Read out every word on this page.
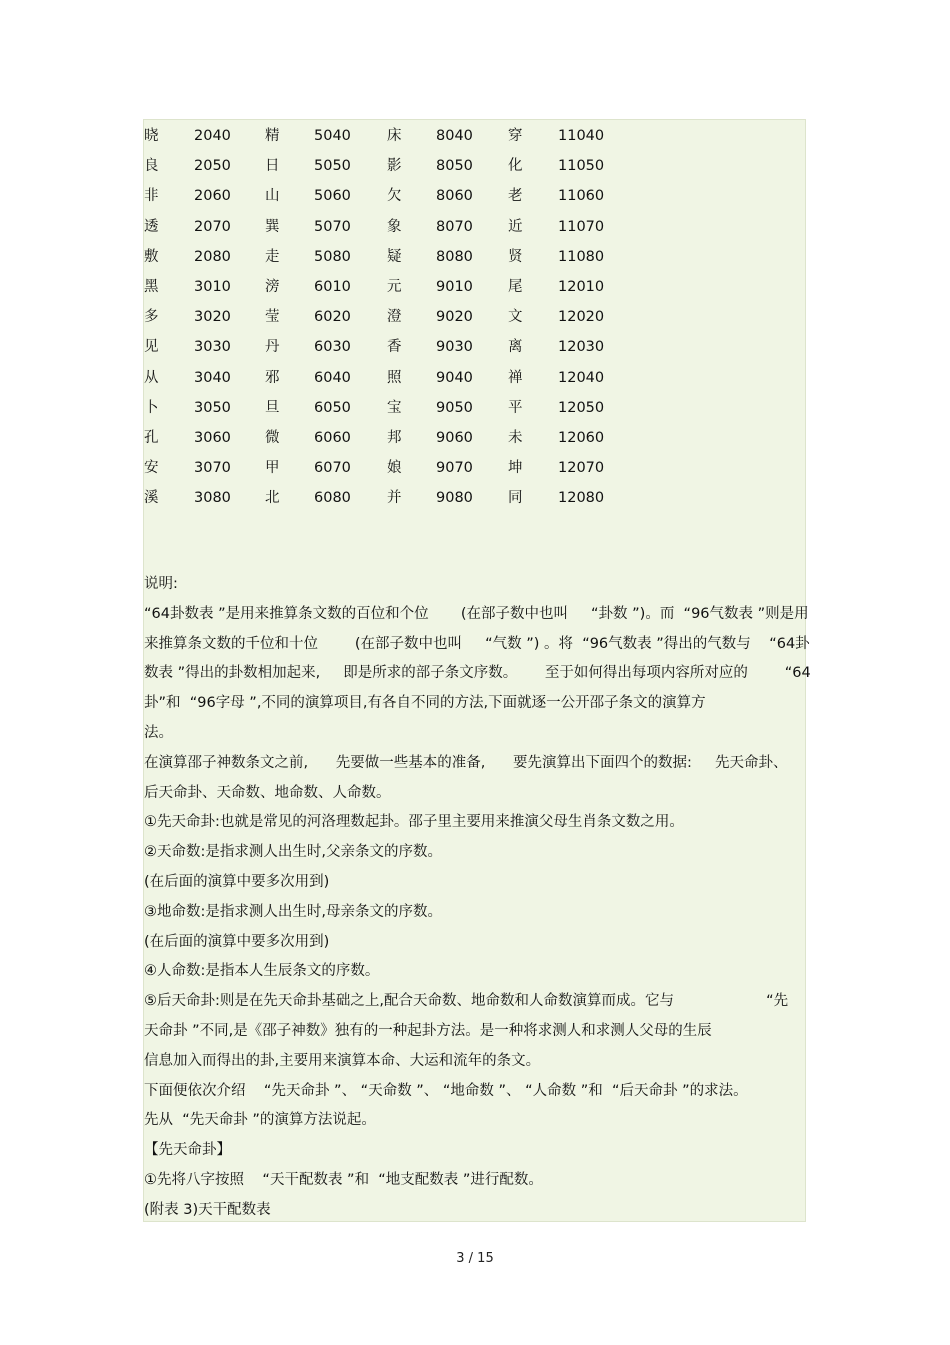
晓 2040 精 5040 床 8040 穿 11040
良 2050 日 5050 影 8050 化 11050
非 2060 山 5060 欠 8060 老 11060
透 2070 巽 5070 象 8070 近 11070
敷 2080 走 5080 疑 8080 贤 11080
黑 3010 滂 6010 元 9010 尾 12010
多 3020 莹 6020 澄 9020 文 12020
见 3030 丹 6030 香 9030 离 12030
从 3040 邪 6040 照 9040 禅 12040
卜 3050 旦 6050 宝 9050 平 12050
孔 3060 微 6060 邦 9060 未 12060
安 3070 甲 6070 娘 9070 坤 12070
溪 3080 北 6080 并 9080 同 12080
说明:
“64卦数表 ”是用来推算条文数的百位和个位       (在部子数中也叫     “卦数 ”)。而  “96气数表 ”则是用
来推算条文数的千位和十位        (在部子数中也叫     “气数 ”) 。将  “96气数表 ”得出的气数与    “64卦
数表 ”得出的卦数相加起来,     即是所求的部子条文序数。      至于如何得出每项内容所对应的        “64
卦”和  “96字母 ”,不同的演算项目,有各自不同的方法,下面就逐一公开邵子条文的演算方
法。
在演算邵子神数条文之前,      先要做一些基本的准备,      要先演算出下面四个的数据:     先天命卦、
后天命卦、天命数、地命数、人命数。
①先天命卦:也就是常见的河洛理数起卦。邵子里主要用来推演父母生肖条文数之用。
②天命数:是指求测人出生时,父亲条文的序数。
(在后面的演算中要多次用到)
③地命数:是指求测人出生时,母亲条文的序数。
(在后面的演算中要多次用到)
④人命数:是指本人生辰条文的序数。
⑤后天命卦:则是在先天命卦基础之上,配合天命数、地命数和人命数演算而成。它与                    “先
天命卦 ”不同,是《邵子神数》独有的一种起卦方法。是一种将求测人和求测人父母的生辰
信息加入而得出的卦,主要用来演算本命、大运和流年的条文。
下面便依次介绍    “先天命卦 ”、 “天命数 ”、 “地命数 ”、 “人命数 ”和  “后天命卦 ”的求法。
先从  “先天命卦 ”的演算方法说起。
【先天命卦】
①先将八字按照    “天干配数表 ”和  “地支配数表 ”进行配数。
(附表 3)天干配数表
3 / 15
